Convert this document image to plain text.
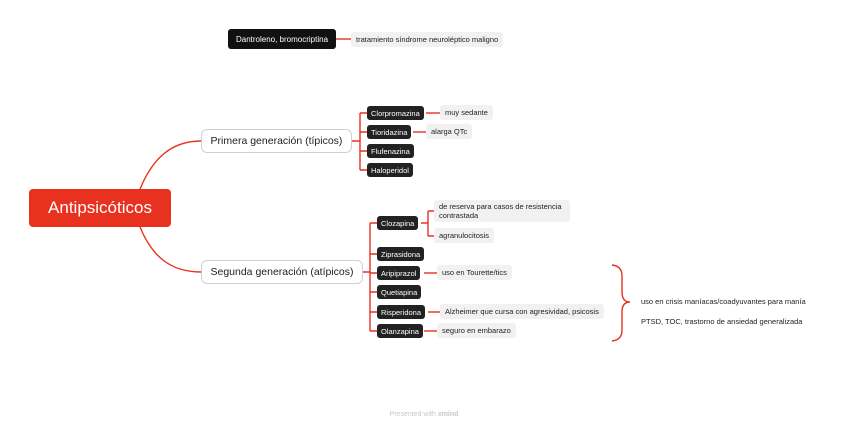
Antipsicóticos
Dantroleno, bromocriptina	tratamiento síndrome neuroléptico maligno
Primera generación (típicos)
Clorpromazina	muy sedante
Tioridazina	alarga QTc
Flufenazina
Haloperidol
Segunda generación (atípicos)
Clozapina
de reserva para casos de resistencia contrastada
agranulocitosis
Ziprasidona
Aripiprazol	uso en Tourette/tics
Quetiapina
Risperidona	Alzheimer que cursa con agresividad, psicosis
Olanzapina	seguro en embarazo
uso en crisis maníacas/coadyuvantes para manía
PTSD, TOC, trastorno de ansiedad generalizada
Presented with xmind
